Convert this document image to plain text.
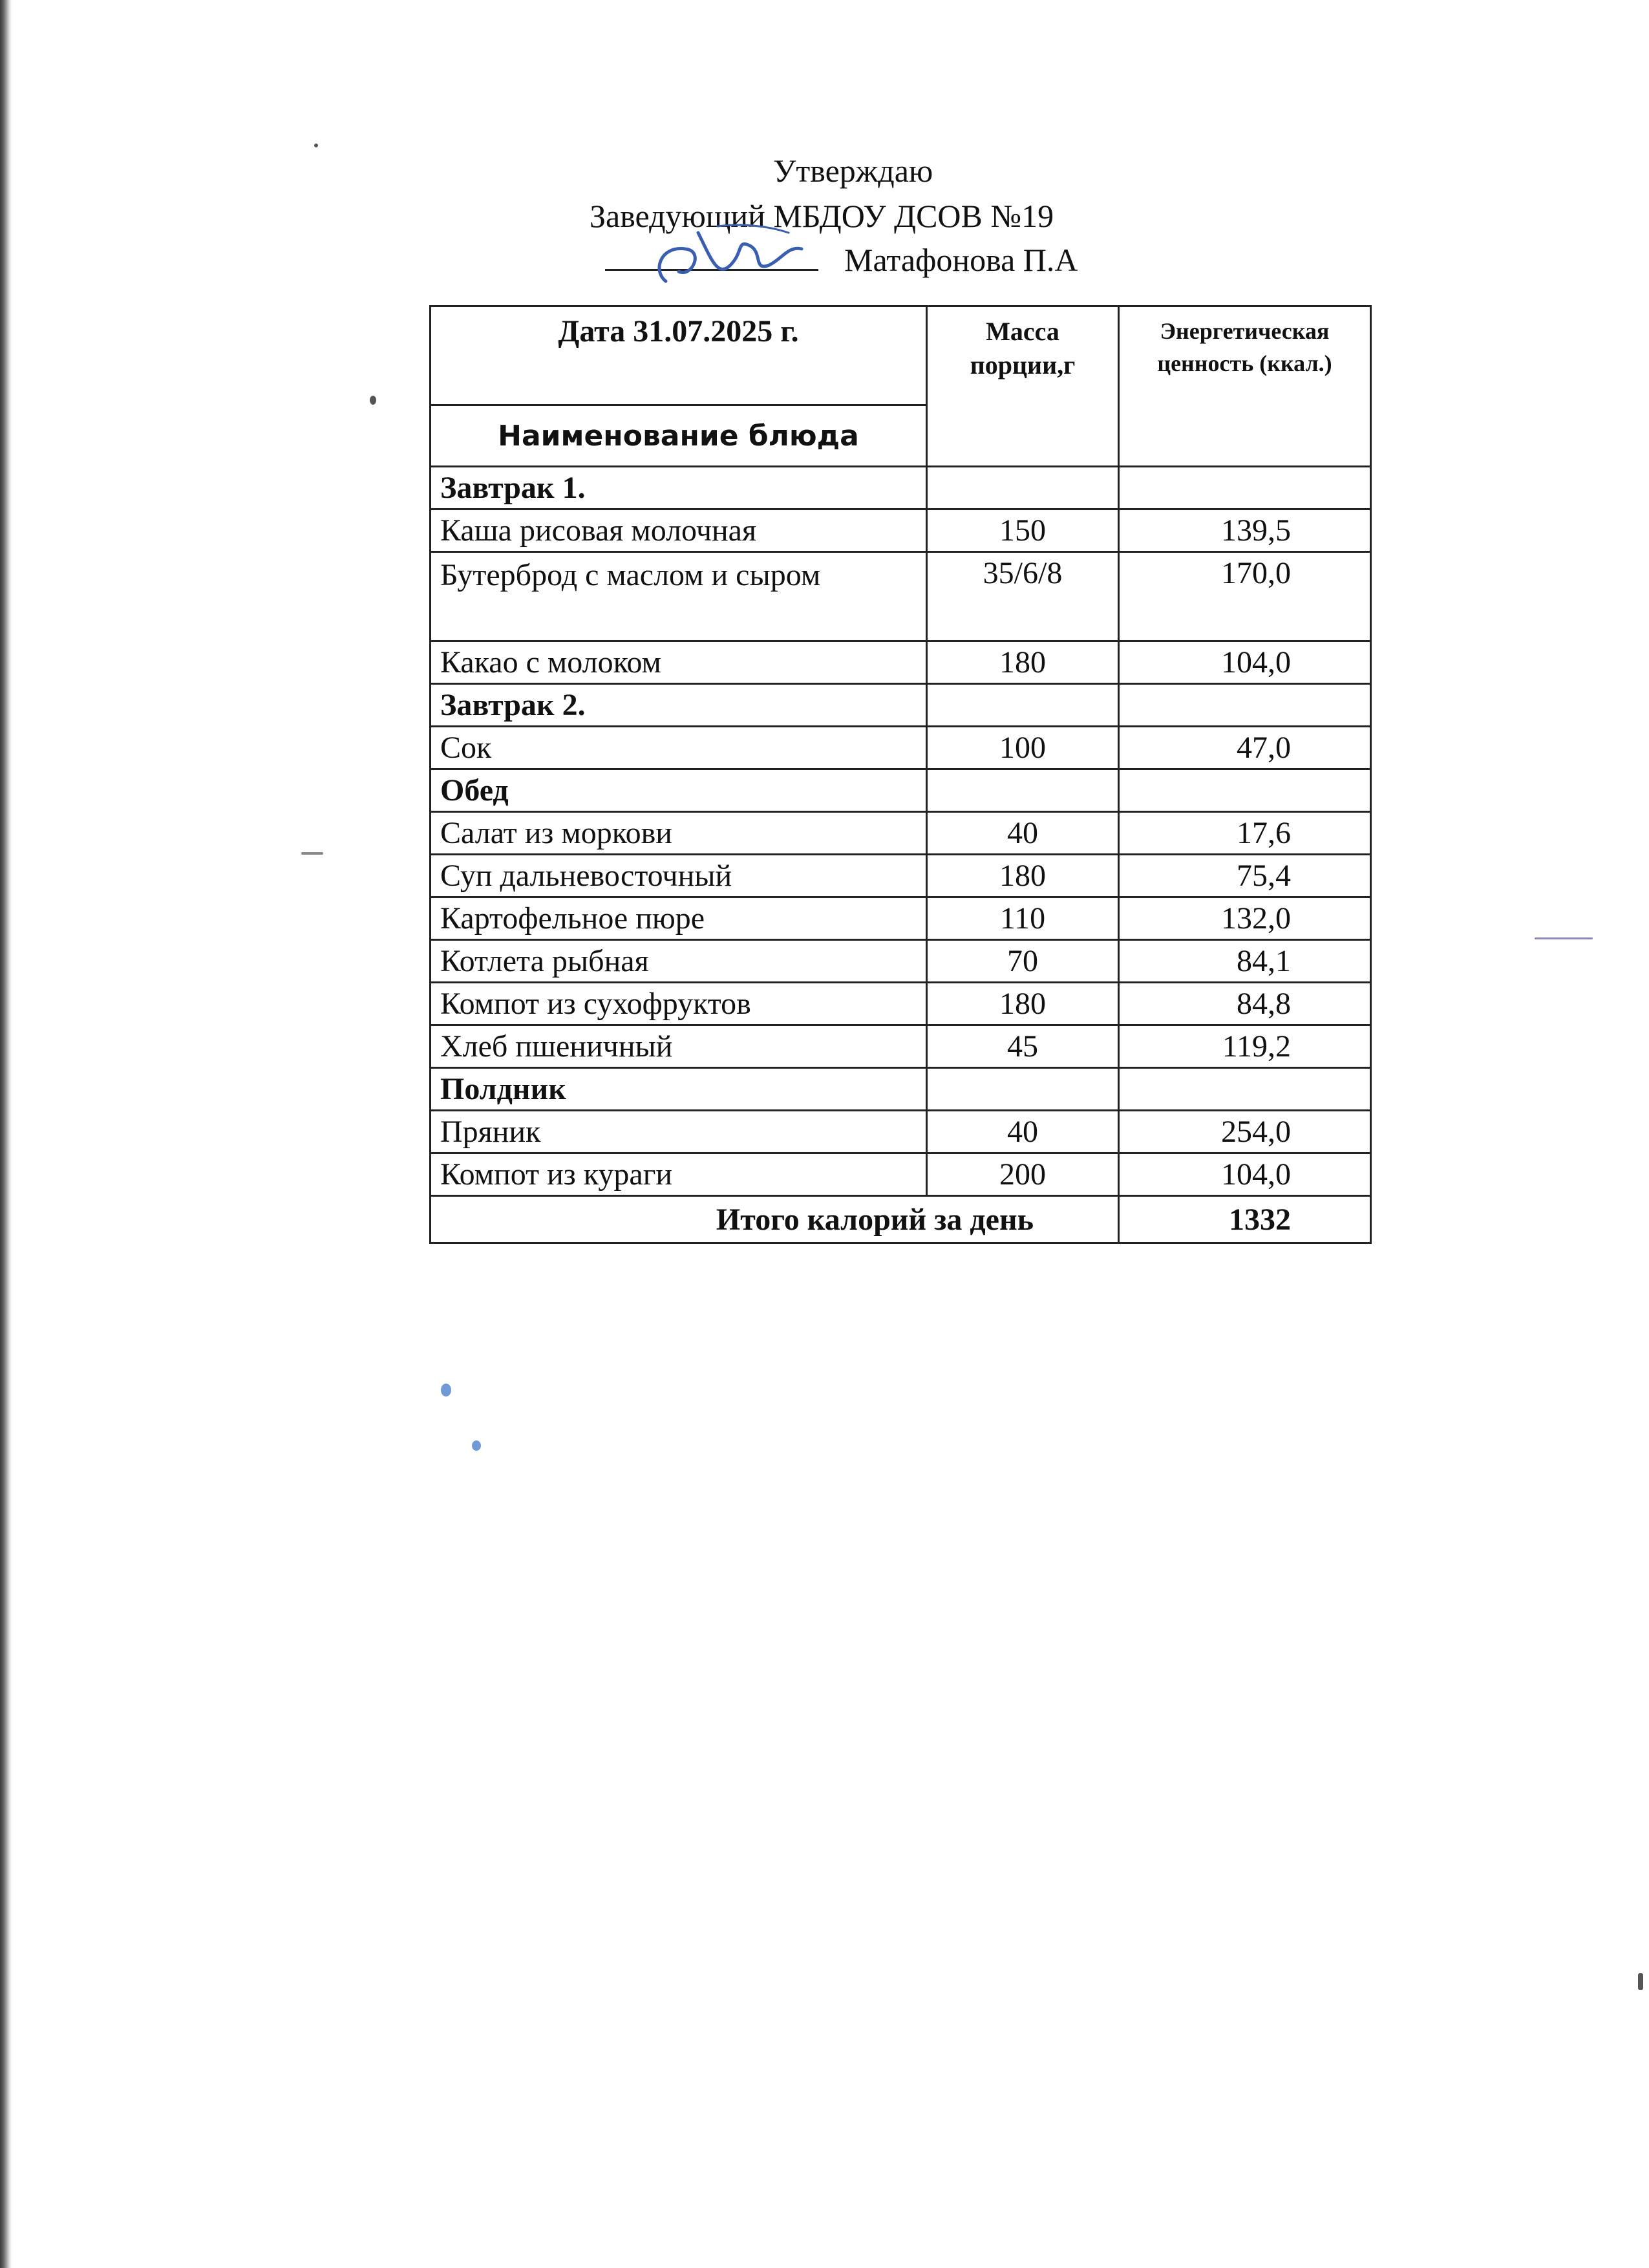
Утверждаю
Заведующий МБДОУ ДСОВ №19
Матафонова П.А
Дата 31.07.2025 г.	Масса порции,г	Энергетическая ценность (ккал.)
Наименование блюда		
Завтрак 1.		
Каша рисовая молочная	150	139,5
Бутерброд с маслом и сыром	35/6/8	170,0
Какао с молоком	180	104,0
Завтрак 2.		
Сок	100	47,0
Обед		
Салат из моркови	40	17,6
Суп дальневосточный	180	75,4
Картофельное пюре	110	132,0
Котлета рыбная	70	84,1
Компот из сухофруктов	180	84,8
Хлеб пшеничный	45	119,2
Полдник		
Пряник	40	254,0
Компот из кураги	200	104,0
Итого калорий за день		1332
